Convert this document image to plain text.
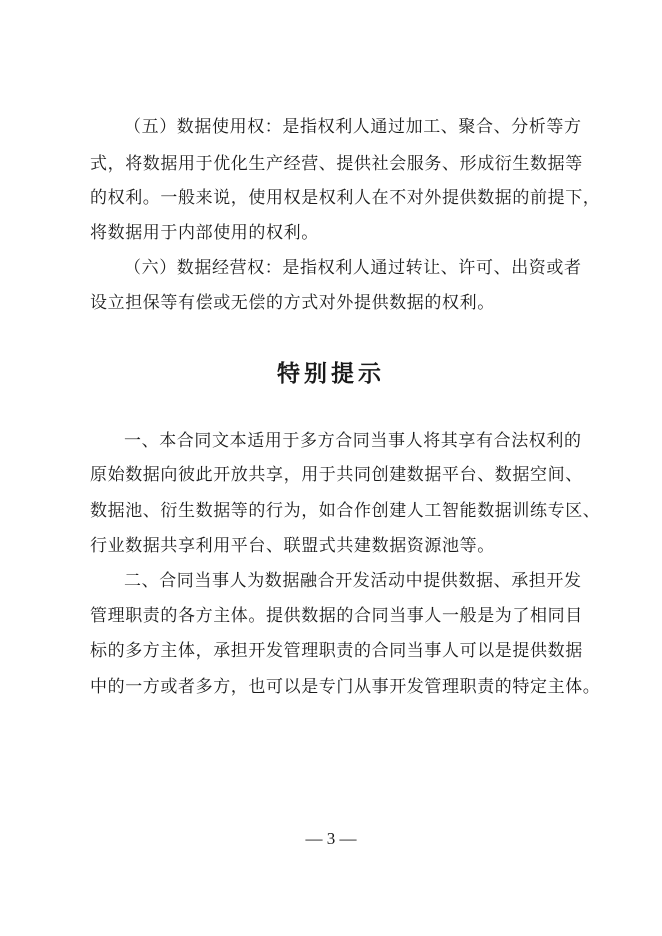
（五）数据使用权：是指权利人通过加工、聚合、分析等方
式，将数据用于优化生产经营、提供社会服务、形成衍生数据等
的权利。一般来说，使用权是权利人在不对外提供数据的前提下，
将数据用于内部使用的权利。
（六）数据经营权：是指权利人通过转让、许可、出资或者
设立担保等有偿或无偿的方式对外提供数据的权利。
特别提示
一、本合同文本适用于多方合同当事人将其享有合法权利的
原始数据向彼此开放共享，用于共同创建数据平台、数据空间、
数据池、衍生数据等的行为，如合作创建人工智能数据训练专区、
行业数据共享利用平台、联盟式共建数据资源池等。
二、合同当事人为数据融合开发活动中提供数据、承担开发
管理职责的各方主体。提供数据的合同当事人一般是为了相同目
标的多方主体，承担开发管理职责的合同当事人可以是提供数据
中的一方或者多方，也可以是专门从事开发管理职责的特定主体。
— 3 —
